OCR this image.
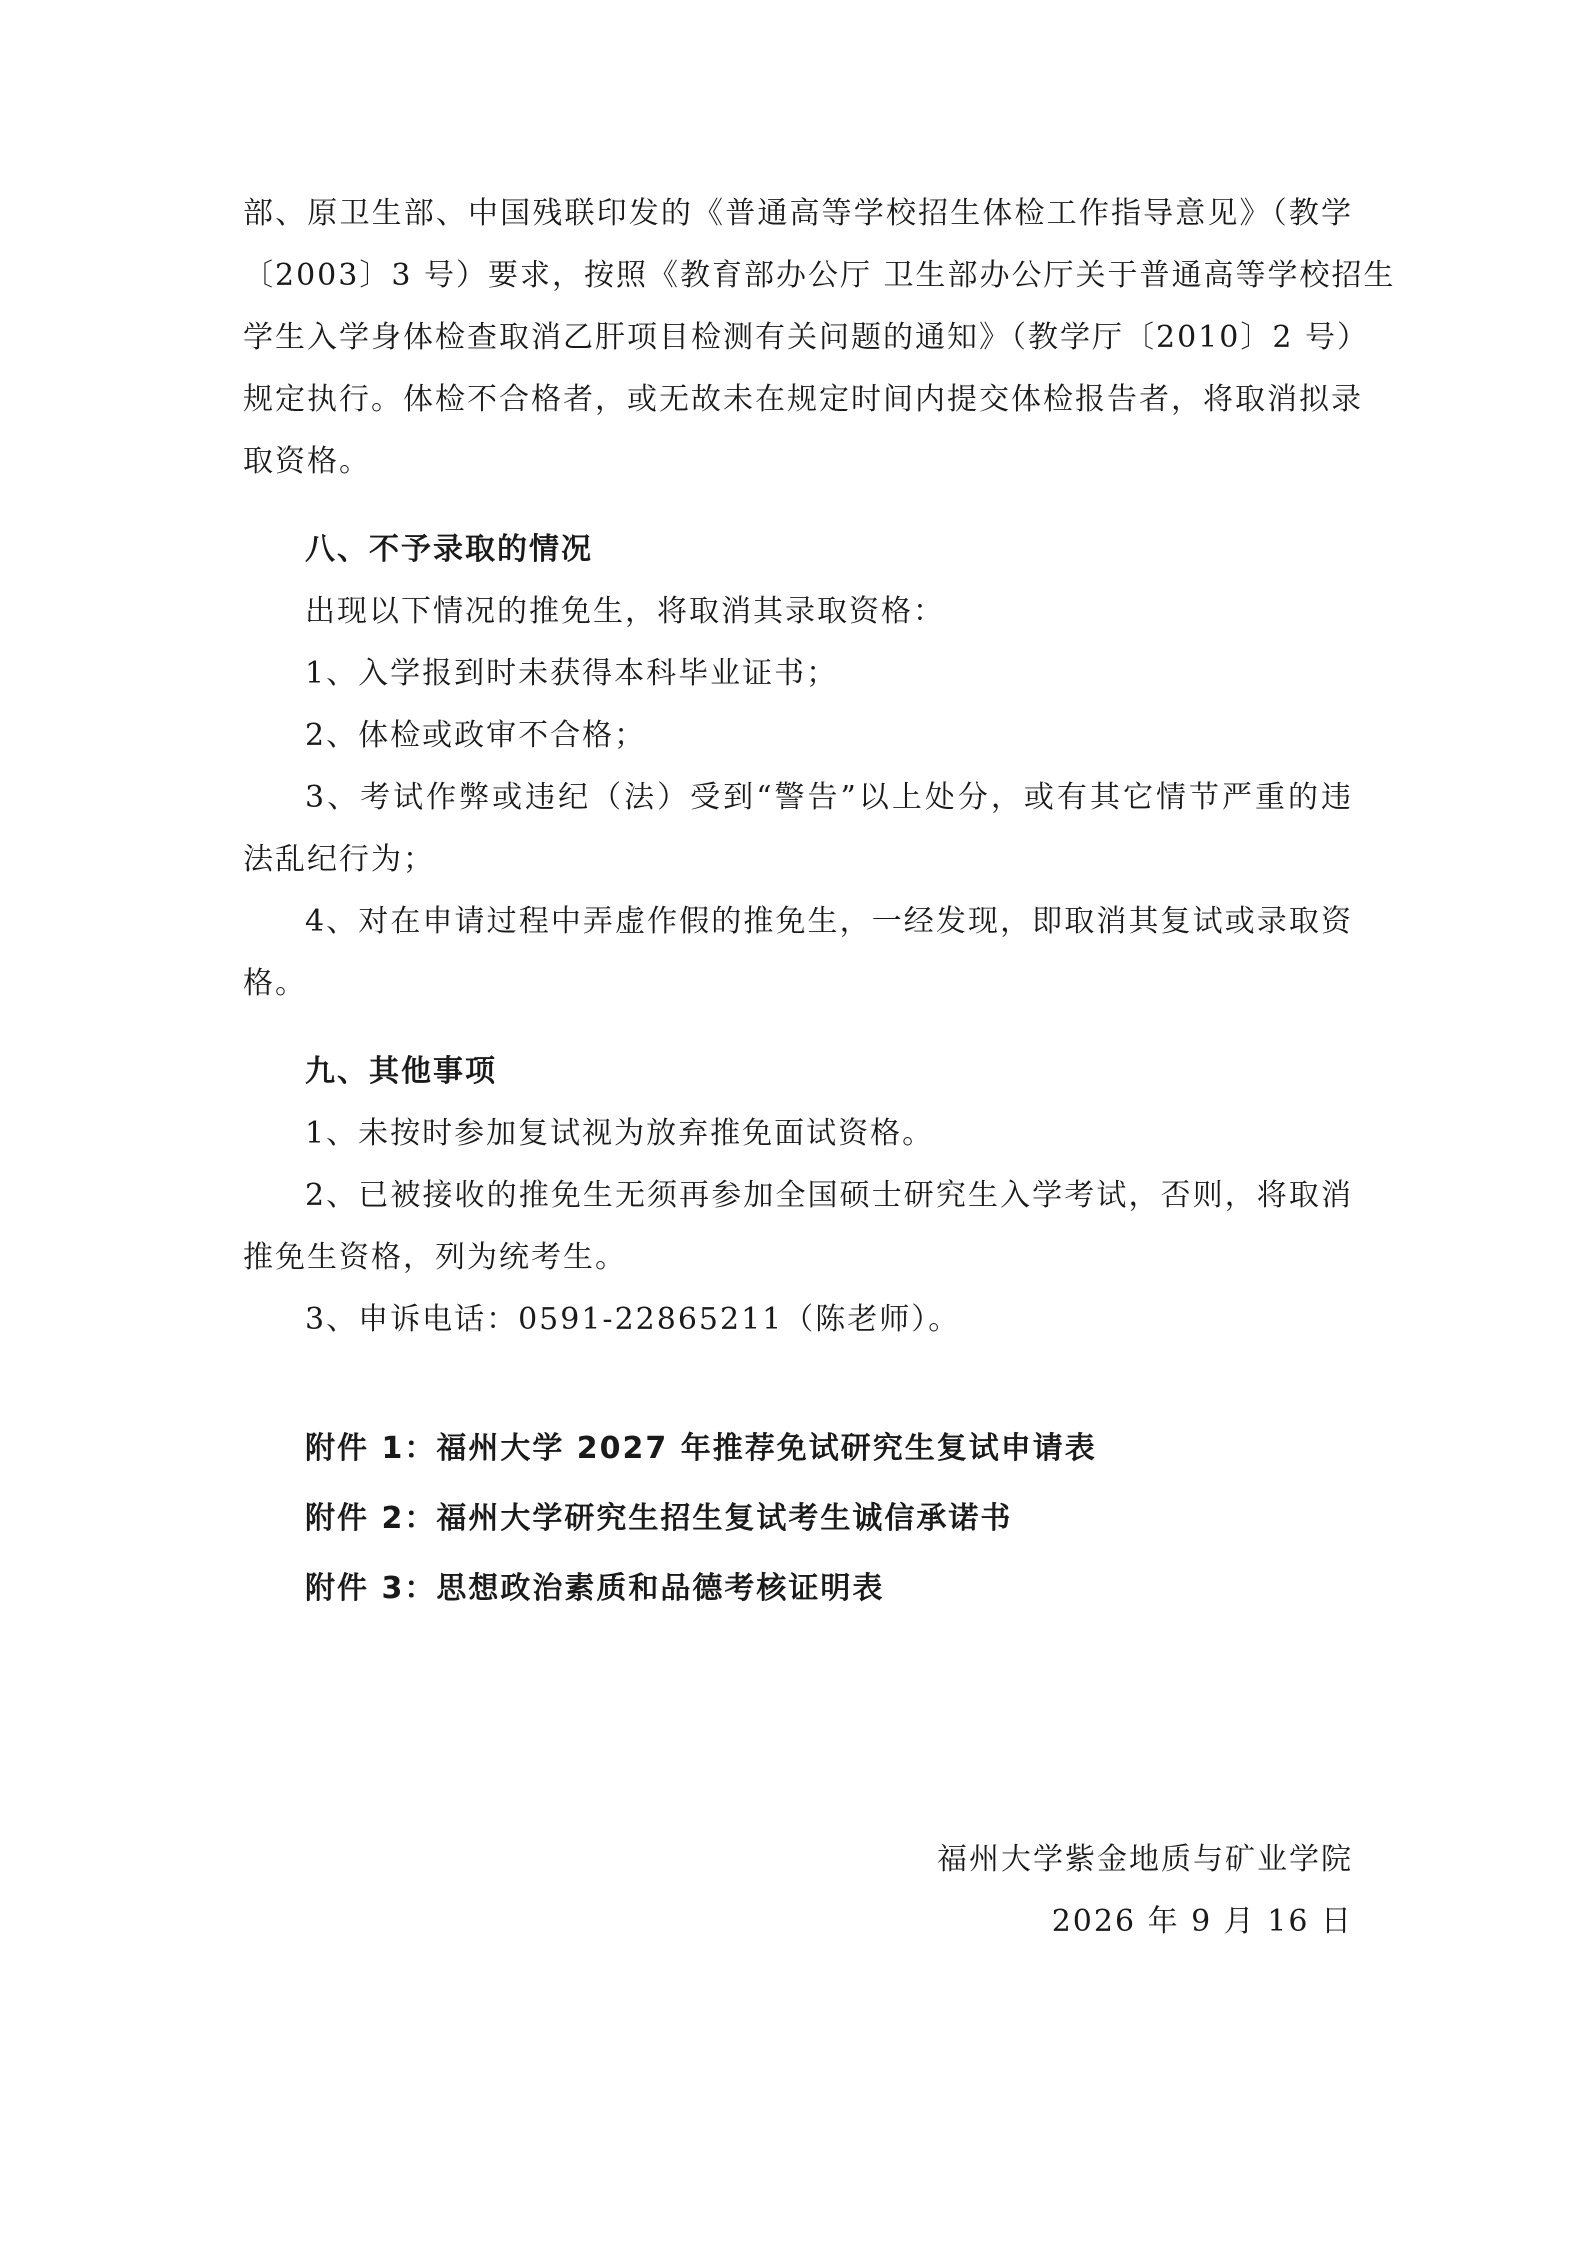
部、原卫生部、中国残联印发的《普通高等学校招生体检工作指导意见》（教学
〔2003〕3 号）要求，按照《教育部办公厅 卫生部办公厅关于普通高等学校招生
学生入学身体检查取消乙肝项目检测有关问题的通知》（教学厅〔2010〕2 号）
规定执行。体检不合格者，或无故未在规定时间内提交体检报告者，将取消拟录
取资格。
八、不予录取的情况
出现以下情况的推免生，将取消其录取资格：
1、入学报到时未获得本科毕业证书；
2、体检或政审不合格；
3、考试作弊或违纪（法）受到“警告”以上处分，或有其它情节严重的违
法乱纪行为；
4、对在申请过程中弄虚作假的推免生，一经发现，即取消其复试或录取资
格。
九、其他事项
1、未按时参加复试视为放弃推免面试资格。
2、已被接收的推免生无须再参加全国硕士研究生入学考试，否则，将取消
推免生资格，列为统考生。
3、申诉电话：0591-22865211（陈老师）。
附件 1：福州大学 2027 年推荐免试研究生复试申请表
附件 2：福州大学研究生招生复试考生诚信承诺书
附件 3：思想政治素质和品德考核证明表
福州大学紫金地质与矿业学院
2026 年 9 月 16 日
